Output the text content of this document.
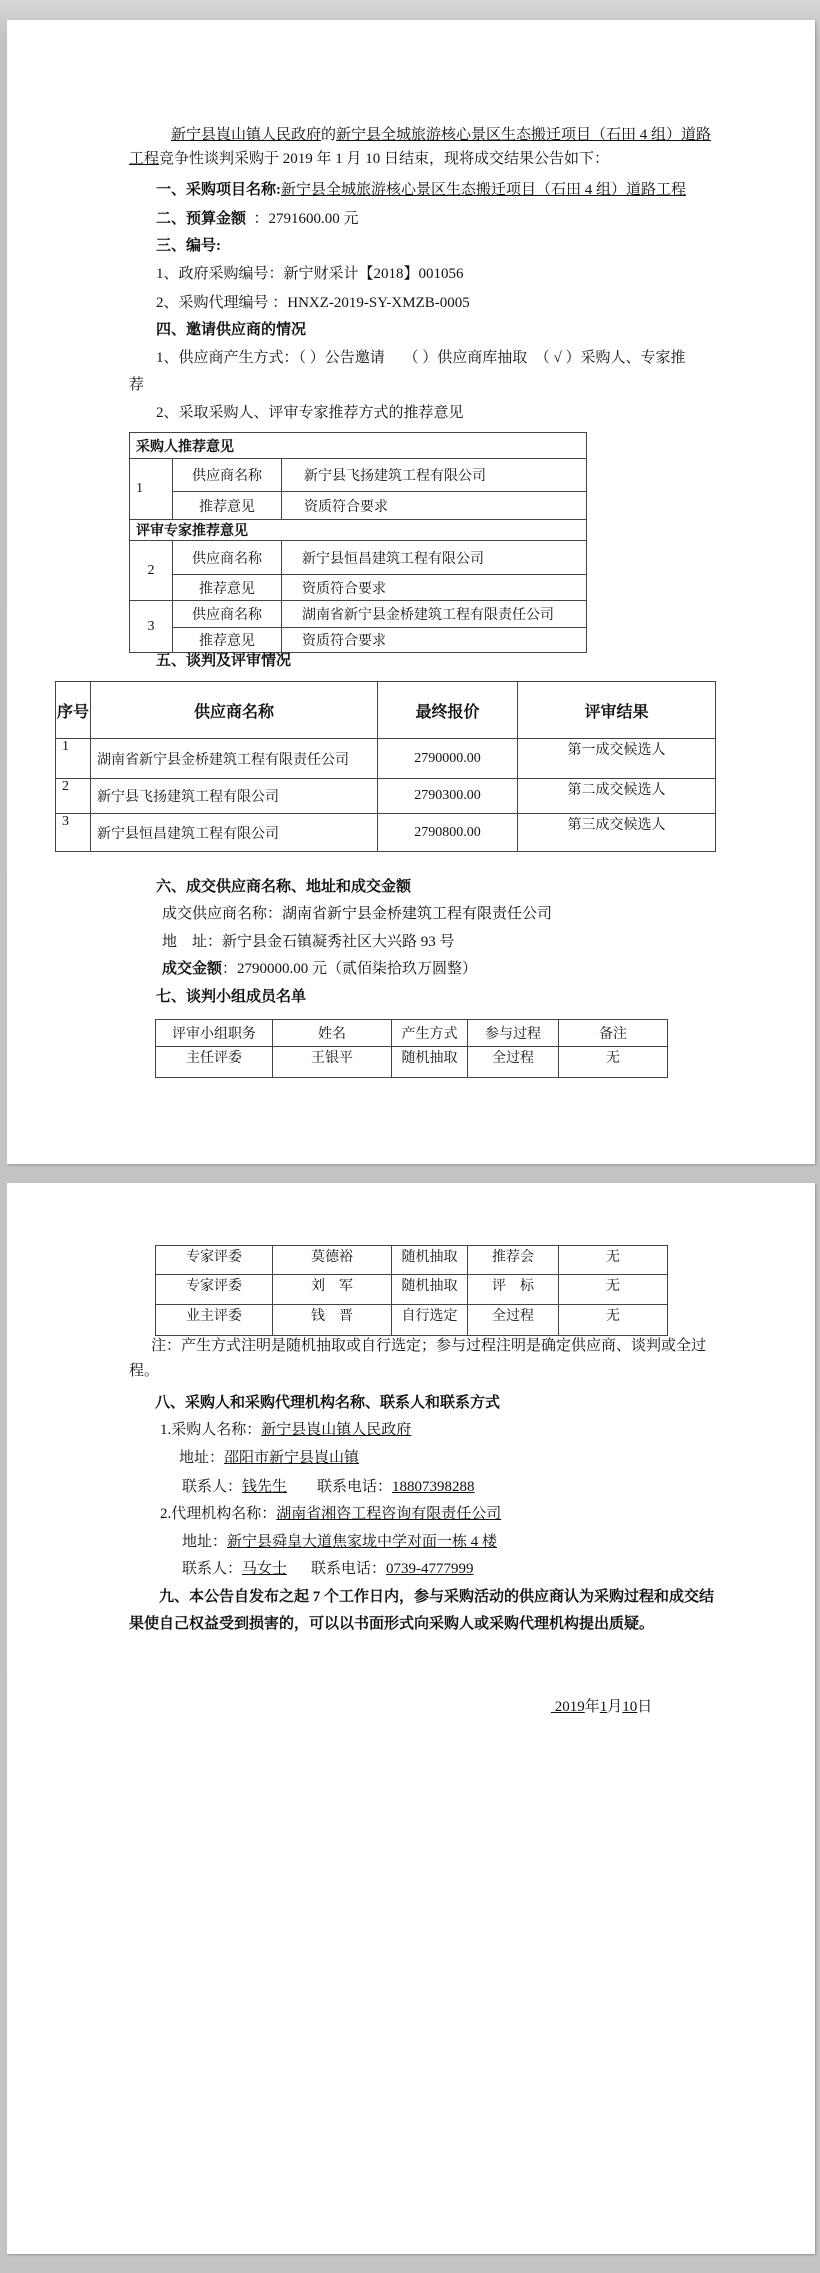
新宁县崀山镇人民政府的新宁县全城旅游核心景区生态搬迁项目（石田 4 组）道路
工程竞争性谈判采购于 2019 年 1 月 10 日结束，现将成交结果公告如下：
一、采购项目名称:新宁县全城旅游核心景区生态搬迁项目（石田 4 组）道路工程
二、预算金额 ：2791600.00 元
三、编号:
1、政府采购编号：新宁财采计【2018】001056
2、采购代理编号 ：HNXZ-2019-SY-XMZB-0005
四、邀请供应商的情况
1、供应商产生方式：（ ）公告邀请　 （ ）供应商库抽取　（ √ ）采购人、专家推
荐
2、采取采购人、评审专家推荐方式的推荐意见
采购人推荐意见		
1	供应商名称	新宁县飞扬建筑工程有限公司
	推荐意见	资质符合要求
评审专家推荐意见		
2	供应商名称	新宁县恒昌建筑工程有限公司
	推荐意见	资质符合要求
3	供应商名称	湖南省新宁县金桥建筑工程有限责任公司
	推荐意见	资质符合要求
五、谈判及评审情况
序号	供应商名称	最终报价	评审结果
1	湖南省新宁县金桥建筑工程有限责任公司	2790000.00	第一成交候选人
2	新宁县飞扬建筑工程有限公司	2790300.00	第二成交候选人
3	新宁县恒昌建筑工程有限公司	2790800.00	第三成交候选人
六、成交供应商名称、地址和成交金额
成交供应商名称：湖南省新宁县金桥建筑工程有限责任公司
地　址：新宁县金石镇凝秀社区大兴路 93 号
成交金额：2790000.00 元（贰佰柒拾玖万圆整）
七、谈判小组成员名单
评审小组职务	姓名	产生方式	参与过程	备注
主任评委	王银平	随机抽取	全过程	无
专家评委	莫德裕	随机抽取	推荐会	无
专家评委	刘　军	随机抽取	评　标	无
业主评委	钱　晋	自行选定	全过程	无
注：产生方式注明是随机抽取或自行选定；参与过程注明是确定供应商、谈判或全过
程。
八、采购人和采购代理机构名称、联系人和联系方式
1.采购人名称：新宁县崀山镇人民政府
地址：邵阳市新宁县崀山镇
联系人：钱先生 联系电话：18807398288
2.代理机构名称：湖南省湘咨工程咨询有限责任公司
地址：新宁县舜皇大道焦家垅中学对面一栋 4 楼
联系人：马女士 联系电话：0739-4777999
九、本公告自发布之起 7 个工作日内，参与采购活动的供应商认为采购过程和成交结
果使自己权益受到损害的，可以以书面形式向采购人或采购代理机构提出质疑。
2019年1月10日
